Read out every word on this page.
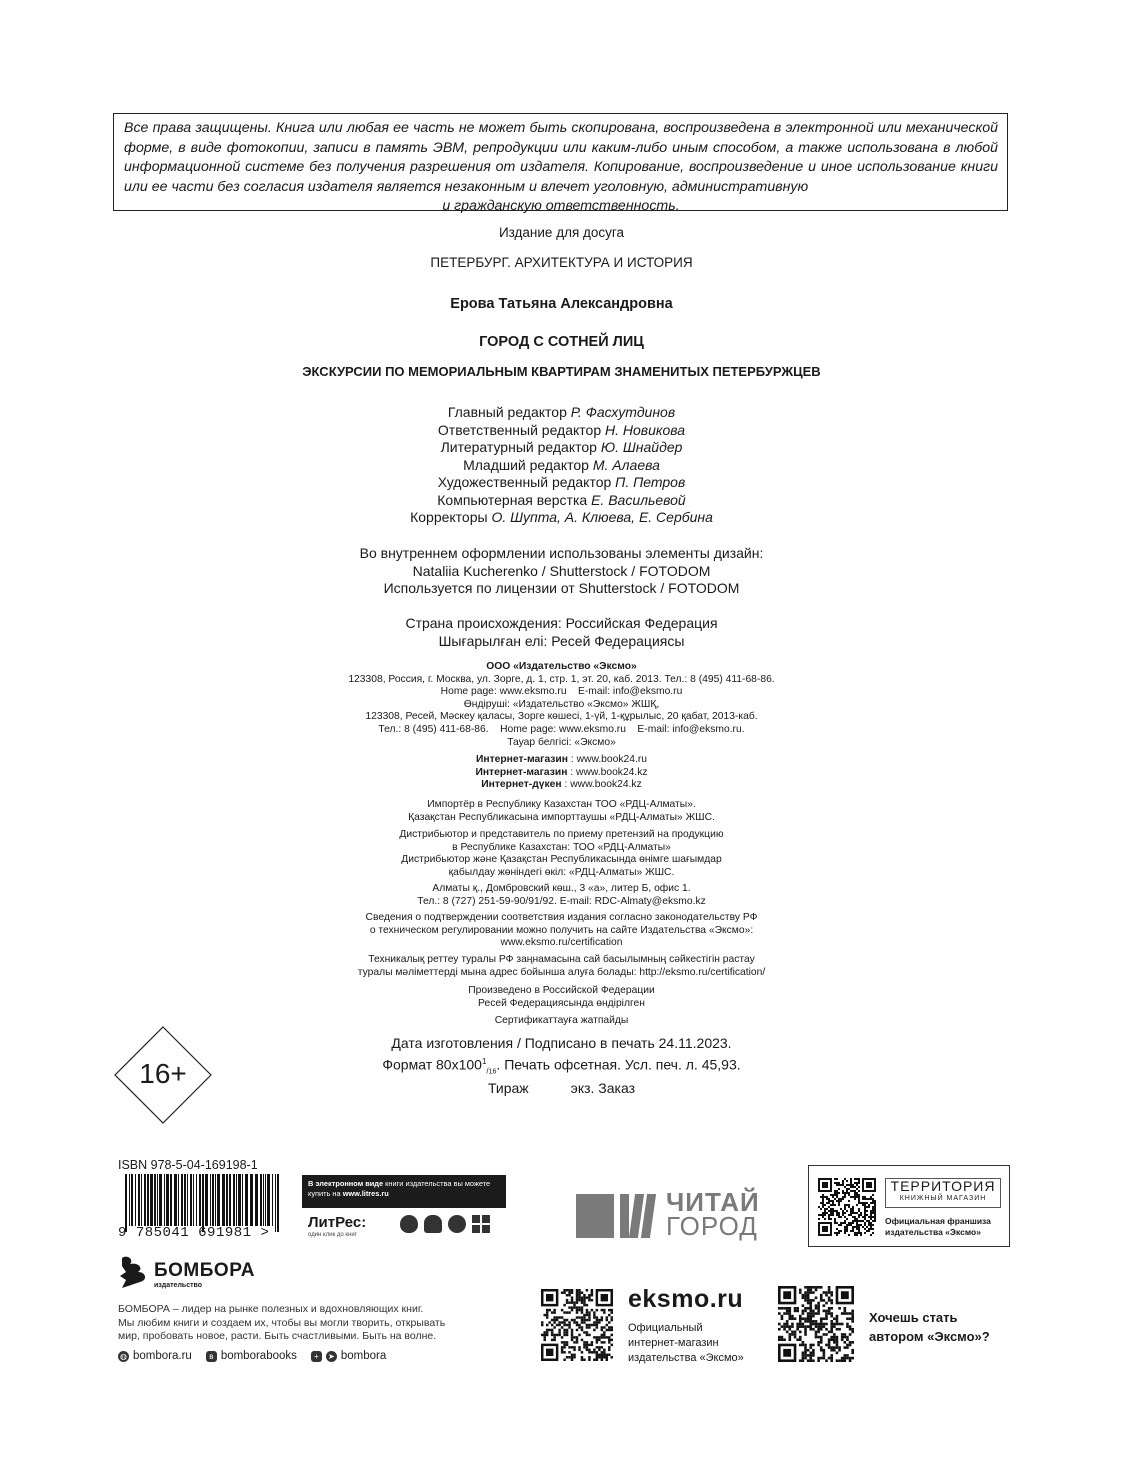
Все права защищены. Книга или любая ее часть не может быть скопирована, воспроизведена в электронной или механической форме, в виде фотокопии, записи в память ЭВМ, репродукции или каким-либо иным способом, а также использована в любой информационной системе без получения разрешения от издателя. Копирование, воспроизведение и иное использование книги или ее части без согласия издателя является незаконным и влечет уголовную, административную
и гражданскую ответственность.
Издание для досуга
ПЕТЕРБУРГ. АРХИТЕКТУРА И ИСТОРИЯ
Ерова Татьяна Александровна
ГОРОД С СОТНЕЙ ЛИЦ
ЭКСКУРСИИ ПО МЕМОРИАЛЬНЫМ КВАРТИРАМ ЗНАМЕНИТЫХ ПЕТЕРБУРЖЦЕВ
Главный редактор Р. Фасхутдинов
Ответственный редактор Н. Новикова
Литературный редактор Ю. Шнайдер
Младший редактор М. Алаева
Художественный редактор П. Петров
Компьютерная верстка Е. Васильевой
Корректоры О. Шупта, А. Клюева, Е. Сербина
Во внутреннем оформлении использованы элементы дизайн:
Nataliia Kucherenko / Shutterstock / FOTODOM
Используется по лицензии от Shutterstock / FOTODOM
Страна происхождения: Российская Федерация
Шығарылған елі: Ресей Федерациясы
ООО «Издательство «Эксмо»
123308, Россия, г. Москва, ул. Зорге, д. 1, стр. 1, эт. 20, каб. 2013. Тел.: 8 (495) 411-68-86.
Home page: www.eksmo.ru    E-mail: info@eksmo.ru
Өндіруші: «Издательство «Эксмо» ЖШҚ,
123308, Ресей, Мәскеу қаласы, Зорге көшесі, 1-үй, 1-құрылыс, 20 қабат, 2013-каб.
Тел.: 8 (495) 411-68-86.    Home page: www.eksmo.ru    E-mail: info@eksmo.ru.
Тауар белгісі: «Эксмо»
Интернет-магазин : www.book24.ru
Интернет-магазин : www.book24.kz
Интернет-дүкен : www.book24.kz
Импортёр в Республику Казахстан ТОО «РДЦ-Алматы».
Қазақстан Республикасына импорттаушы «РДЦ-Алматы» ЖШС.
Дистрибьютор и представитель по приему претензий на продукцию
в Республике Казахстан: ТОО «РДЦ-Алматы»
Дистрибьютор және Қазақстан Республикасында өнімге шағымдар
қабылдау жөніндегі өкіл: «РДЦ-Алматы» ЖШС.
Алматы қ., Домбровский көш., 3 «а», литер Б, офис 1.
Тел.: 8 (727) 251-59-90/91/92. E-mail: RDC-Almaty@eksmo.kz
Сведения о подтверждении соответствия издания согласно законодательству РФ
о техническом регулировании можно получить на сайте Издательства «Эксмо»:
www.eksmo.ru/certification
Техникалық реттеу туралы РФ заңнамасына сай басылымның сәйкестігін растау
туралы мәліметтерді мына адрес бойынша алуға болады: http://eksmo.ru/certification/
Произведено в Российской Федерации
Ресей Федерациясында өндірілген
Сертификаттауға жатпайды
Дата изготовления / Подписано в печать 24.11.2023.
Формат $80х100^1_{/16}$. Печать офсетная. Усл. печ. л. 45,93.
Тираж	экз. Заказ
16+
ISBN 978-5-04-169198-1
9 785041 691981 >
В электронном виде книги издательства вы можете
купить на www.litres.ru
ЛитРес:
один клик до книг
ЧИТАЙ
ГОРОД
ТЕРРИТОРИЯ
КНИЖНЫЙ МАГАЗИН
Официальная франшиза
издательства «Эксмо»
БОМБОРА
издательство
БОМБОРА – лидер на рынке полезных и вдохновляющих книг.
Мы любим книги и создаем их, чтобы вы могли творить, открывать
мир, пробовать новое, расти. Быть счастливыми. Быть на волне.
◍ bombora.ru	в bomborabooks	+	➤ bombora
eksmo.ru
Официальный
интернет-магазин
издательства «Эксмо»
Хочешь стать
автором «Эксмо»?
